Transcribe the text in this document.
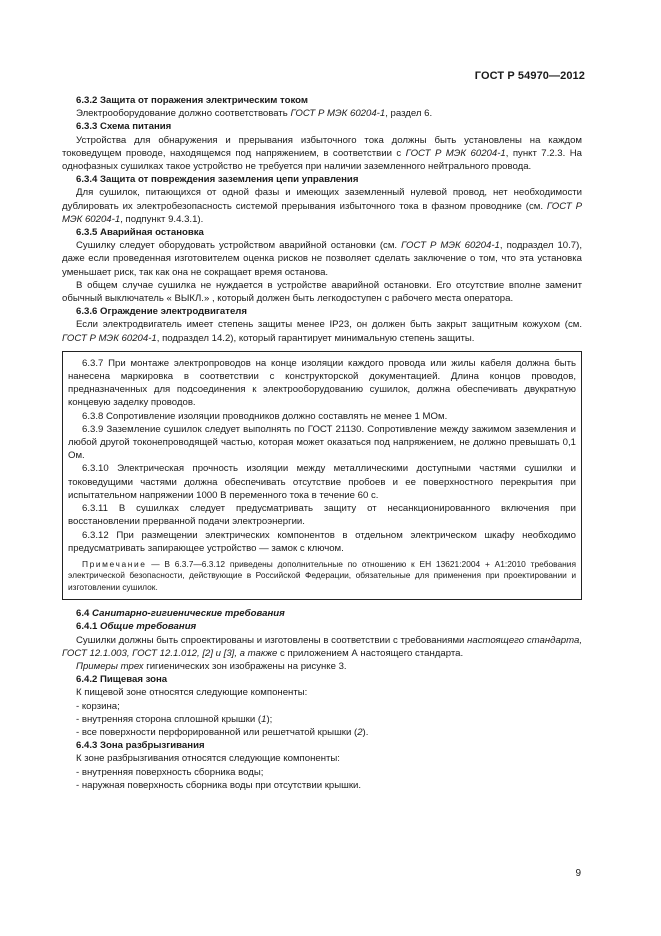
ГОСТ Р 54970—2012
6.3.2 Защита от поражения электрическим током
Электрооборудование должно соответствовать ГОСТ Р МЭК 60204-1, раздел 6.
6.3.3 Схема питания
Устройства для обнаружения и прерывания избыточного тока должны быть установлены на каждом токоведущем проводе, находящемся под напряжением, в соответствии с ГОСТ Р МЭК 60204-1, пункт 7.2.3. На однофазных сушилках такое устройство не требуется при наличии заземленного нейтрального провода.
6.3.4 Защита от повреждения заземления цепи управления
Для сушилок, питающихся от одной фазы и имеющих заземленный нулевой провод, нет необходимости дублировать их электробезопасность системой прерывания избыточного тока в фазном проводнике (см. ГОСТ Р МЭК 60204-1, подпункт 9.4.3.1).
6.3.5 Аварийная остановка
Сушилку следует оборудовать устройством аварийной остановки (см. ГОСТ Р МЭК 60204-1, подраздел 10.7), даже если проведенная изготовителем оценка рисков не позволяет сделать заключение о том, что эта установка уменьшает риск, так как она не сокращает время останова.
В общем случае сушилка не нуждается в устройстве аварийной остановки. Его отсутствие вполне заменит обычный выключатель « ВЫКЛ.» , который должен быть легкодоступен с рабочего места оператора.
6.3.6 Ограждение электродвигателя
Если электродвигатель имеет степень защиты менее IP23, он должен быть закрыт защитным кожухом (см. ГОСТ Р МЭК 60204-1, подраздел 14.2), который гарантирует минимальную степень защиты.
6.3.7 При монтаже электропроводов на конце изоляции каждого провода или жилы кабеля должна быть нанесена маркировка в соответствии с конструкторской документацией. Длина концов проводов, предназначенных для подсоединения к электрооборудованию сушилок, должна обеспечивать двукратную концевую заделку проводов.
6.3.8 Сопротивление изоляции проводников должно составлять не менее 1 МОм.
6.3.9 Заземление сушилок следует выполнять по ГОСТ 21130. Сопротивление между зажимом заземления и любой другой токонепроводящей частью, которая может оказаться под напряжением, не должно превышать 0,1 Ом.
6.3.10 Электрическая прочность изоляции между металлическими доступными частями сушилки и токоведущими частями должна обеспечивать отсутствие пробоев и ее поверхностного перекрытия при испытательном напряжении 1000 В переменного тока в течение 60 с.
6.3.11 В сушилках следует предусматривать защиту от несанкционированного включения при восстановлении прерванной подачи электроэнергии.
6.3.12 При размещении электрических компонентов в отдельном электрическом шкафу необходимо предусматривать запирающее устройство — замок с ключом.
Примечание — В 6.3.7—6.3.12 приведены дополнительные по отношению к ЕН 13621:2004 + А1:2010 требования электрической безопасности, действующие в Российской Федерации, обязательные для применения при проектировании и изготовлении сушилок.
6.4 Санитарно-гигиенические требования
6.4.1 Общие требования
Сушилки должны быть спроектированы и изготовлены в соответствии с требованиями настоящего стандарта, ГОСТ 12.1.003, ГОСТ 12.1.012, [2] и [3], а также с приложением А настоящего стандарта.
Примеры трех гигиенических зон изображены на рисунке 3.
6.4.2 Пищевая зона
К пищевой зоне относятся следующие компоненты:
- корзина;
- внутренняя сторона сплошной крышки (1);
- все поверхности перфорированной или решетчатой крышки (2).
6.4.3 Зона разбрызгивания
К зоне разбрызгивания относятся следующие компоненты:
- внутренняя поверхность сборника воды;
- наружная поверхность сборника воды при отсутствии крышки.
9
